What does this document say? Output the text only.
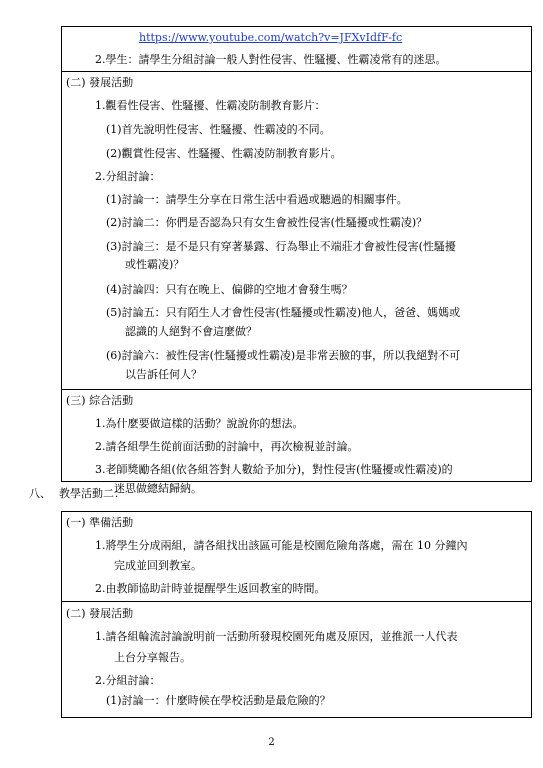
https://www.youtube.com/watch?v=JFXvIdfF-fc
2.學生：請學生分組討論一般人對性侵害、性騷擾、性霸凌常有的迷思。
(二) 發展活動
1.觀看性侵害、性騷擾、性霸凌防制教育影片：
(1)首先說明性侵害、性騷擾、性霸凌的不同。
(2)觀賞性侵害、性騷擾、性霸凌防制教育影片。
2.分組討論：
(1)討論一：請學生分享在日常生活中看過或聽過的相關事件。
(2)討論二：你們是否認為只有女生會被性侵害(性騷擾或性霸凌)？
(3)討論三：是不是只有穿著暴露、行為舉止不端莊才會被性侵害(性騷擾
或性霸凌)？
(4)討論四：只有在晚上、偏僻的空地才會發生嗎？
(5)討論五：只有陌生人才會性侵害(性騷擾或性霸凌)他人，爸爸、媽媽或
認識的人絕對不會這麼做？
(6)討論六：被性侵害(性騷擾或性霸凌)是非常丟臉的事，所以我絕對不可
以告訴任何人？
(三) 綜合活動
1.為什麼要做這樣的活動？說說你的想法。
2.請各組學生從前面活動的討論中，再次檢視並討論。
3.老師獎勵各組(依各組答對人數給予加分)，對性侵害(性騷擾或性霸凌)的
迷思做總結歸納。
八、 教學活動二：
(一) 準備活動
1.將學生分成兩組，請各組找出該區可能是校園危險角落處，需在 10 分鐘內
完成並回到教室。
2.由教師協助計時並提醒學生返回教室的時間。
(二) 發展活動
1.請各組輪流討論說明前一活動所發現校園死角處及原因，並推派一人代表
上台分享報告。
2.分組討論：
(1)討論一：什麼時候在學校活動是最危險的？
2
